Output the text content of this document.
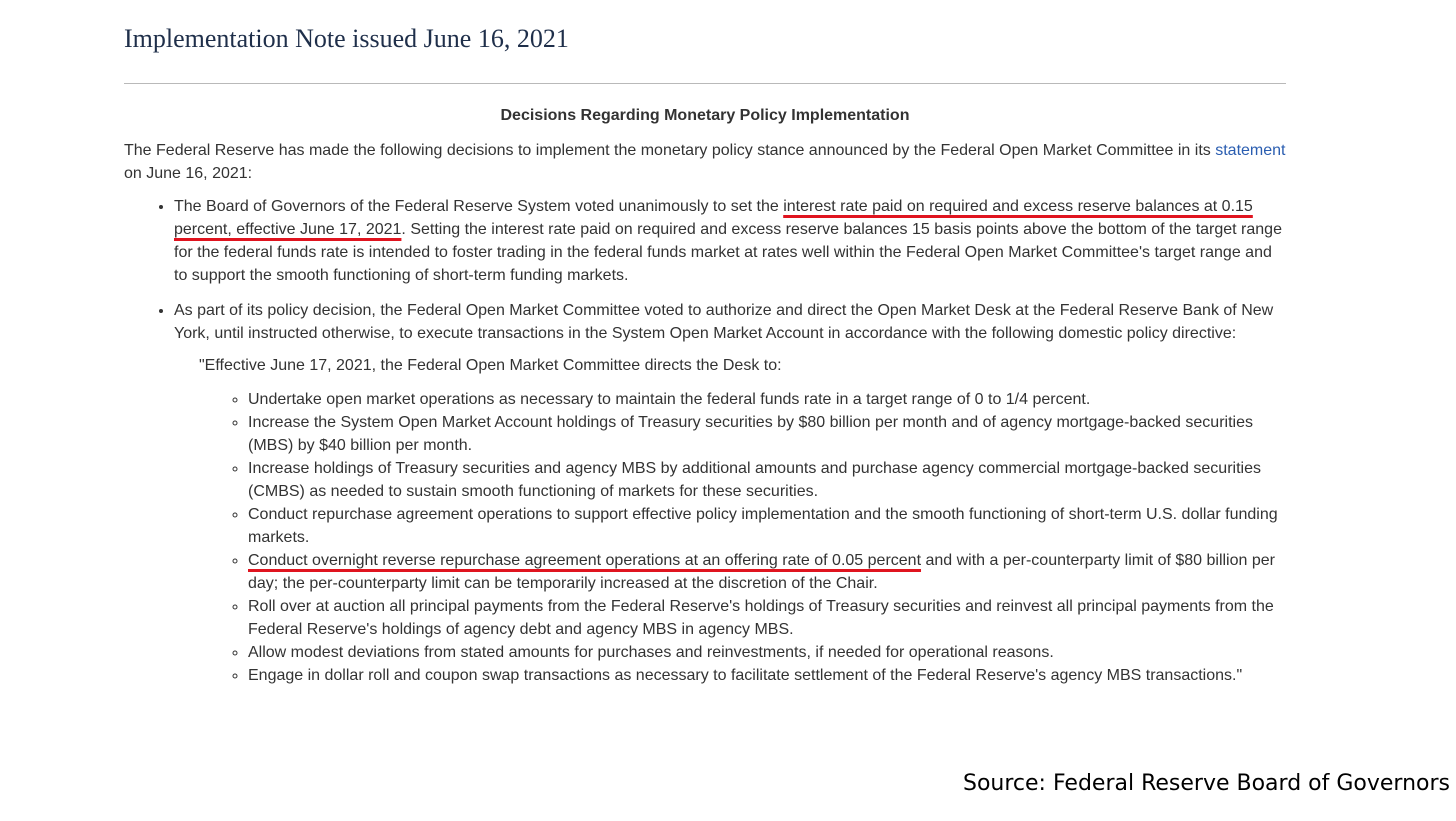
Implementation Note issued June 16, 2021

Decisions Regarding Monetary Policy Implementation

The Federal Reserve has made the following decisions to implement the monetary policy stance announced by the Federal Open Market Committee in its statement on June 16, 2021:

• The Board of Governors of the Federal Reserve System voted unanimously to set the interest rate paid on required and excess reserve balances at 0.15 percent, effective June 17, 2021. Setting the interest rate paid on required and excess reserve balances 15 basis points above the bottom of the target range for the federal funds rate is intended to foster trading in the federal funds market at rates well within the Federal Open Market Committee's target range and to support the smooth functioning of short-term funding markets.
• As part of its policy decision, the Federal Open Market Committee voted to authorize and direct the Open Market Desk at the Federal Reserve Bank of New York, until instructed otherwise, to execute transactions in the System Open Market Account in accordance with the following domestic policy directive:
"Effective June 17, 2021, the Federal Open Market Committee directs the Desk to:
◦ Undertake open market operations as necessary to maintain the federal funds rate in a target range of 0 to 1/4 percent.
◦ Increase the System Open Market Account holdings of Treasury securities by $80 billion per month and of agency mortgage-backed securities (MBS) by $40 billion per month.
◦ Increase holdings of Treasury securities and agency MBS by additional amounts and purchase agency commercial mortgage-backed securities (CMBS) as needed to sustain smooth functioning of markets for these securities.
◦ Conduct repurchase agreement operations to support effective policy implementation and the smooth functioning of short-term U.S. dollar funding markets.
◦ Conduct overnight reverse repurchase agreement operations at an offering rate of 0.05 percent and with a per-counterparty limit of $80 billion per day; the per-counterparty limit can be temporarily increased at the discretion of the Chair.
◦ Roll over at auction all principal payments from the Federal Reserve's holdings of Treasury securities and reinvest all principal payments from the Federal Reserve's holdings of agency debt and agency MBS in agency MBS.
◦ Allow modest deviations from stated amounts for purchases and reinvestments, if needed for operational reasons.
◦ Engage in dollar roll and coupon swap transactions as necessary to facilitate settlement of the Federal Reserve's agency MBS transactions."
Source: Federal Reserve Board of Governors
